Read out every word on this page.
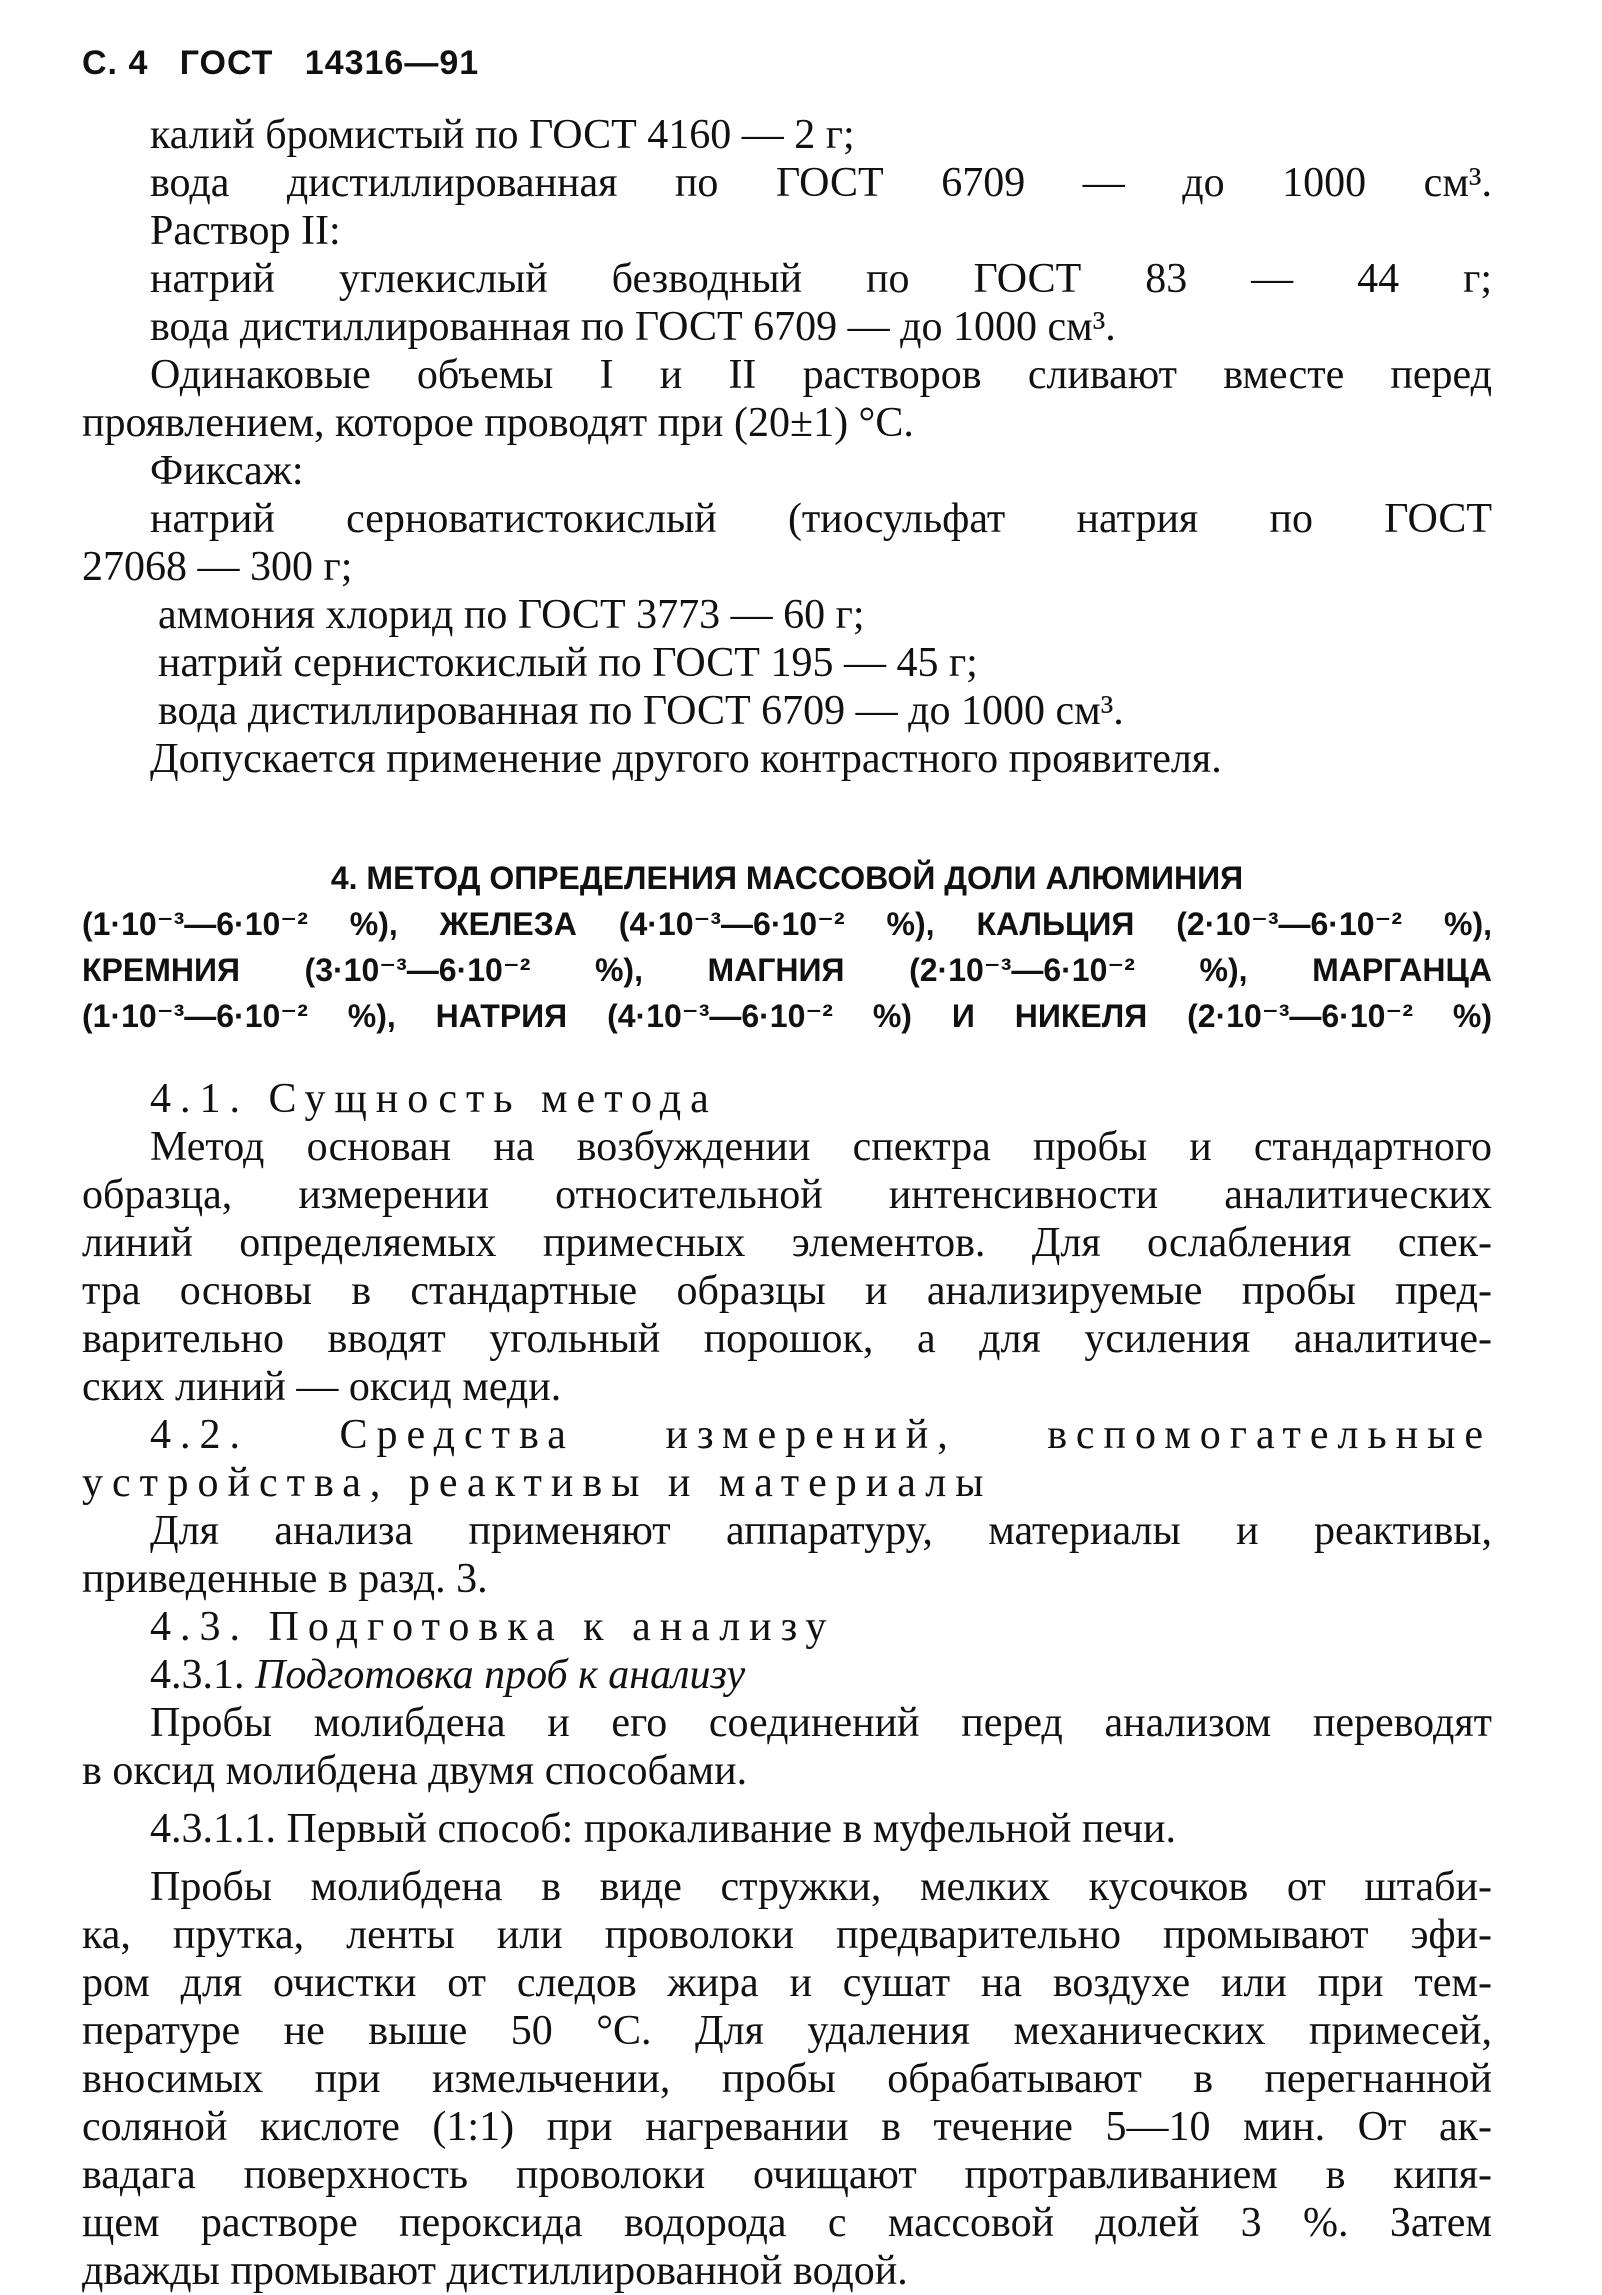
С. 4   ГОСТ   14316—91
калий бромистый по ГОСТ 4160 — 2 г;
вода дистиллированная по ГОСТ 6709 — до 1000 см³.
Раствор II:
натрий углекислый безводный по ГОСТ 83 — 44 г;
вода дистиллированная по ГОСТ 6709 — до 1000 см³.
Одинаковые объемы I и II растворов сливают вместе перед
проявлением, которое проводят при (20±1) °С.
Фиксаж:
натрий серноватистокислый (тиосульфат натрия по ГОСТ
27068 — 300 г;
аммония хлорид по ГОСТ 3773 — 60 г;
натрий сернистокислый по ГОСТ 195 — 45 г;
вода дистиллированная по ГОСТ 6709 — до 1000 см³.
Допускается применение другого контрастного проявителя.
4. МЕТОД ОПРЕДЕЛЕНИЯ МАССОВОЙ ДОЛИ АЛЮМИНИЯ
(1·10⁻³—6·10⁻² %), ЖЕЛЕЗА (4·10⁻³—6·10⁻² %), КАЛЬЦИЯ (2·10⁻³—6·10⁻² %),
КРЕМНИЯ (3·10⁻³—6·10⁻² %), МАГНИЯ (2·10⁻³—6·10⁻² %), МАРГАНЦА
(1·10⁻³—6·10⁻² %), НАТРИЯ (4·10⁻³—6·10⁻² %) И НИКЕЛЯ (2·10⁻³—6·10⁻² %)
4.1. Сущность метода
Метод основан на возбуждении спектра пробы и стандартного
образца, измерении относительной интенсивности аналитических
линий определяемых примесных элементов. Для ослабления спек-
тра основы в стандартные образцы и анализируемые пробы пред-
варительно вводят угольный порошок, а для усиления аналитиче-
ских линий — оксид меди.
4.2. Средства измерений, вспомогательные
устройства, реактивы и материалы
Для анализа применяют аппаратуру, материалы и реактивы,
приведенные в разд. 3.
4.3. Подготовка к анализу
4.3.1. Подготовка проб к анализу
Пробы молибдена и его соединений перед анализом переводят
в оксид молибдена двумя способами.
4.3.1.1. Первый способ: прокаливание в муфельной печи.
Пробы молибдена в виде стружки, мелких кусочков от штаби-
ка, прутка, ленты или проволоки предварительно промывают эфи-
ром для очистки от следов жира и сушат на воздухе или при тем-
пературе не выше 50 °С. Для удаления механических примесей,
вносимых при измельчении, пробы обрабатывают в перегнанной
соляной кислоте (1:1) при нагревании в течение 5—10 мин. От ак-
вадага поверхность проволоки очищают протравливанием в кипя-
щем растворе пероксида водорода с массовой долей 3 %. Затем
дважды промывают дистиллированной водой.
